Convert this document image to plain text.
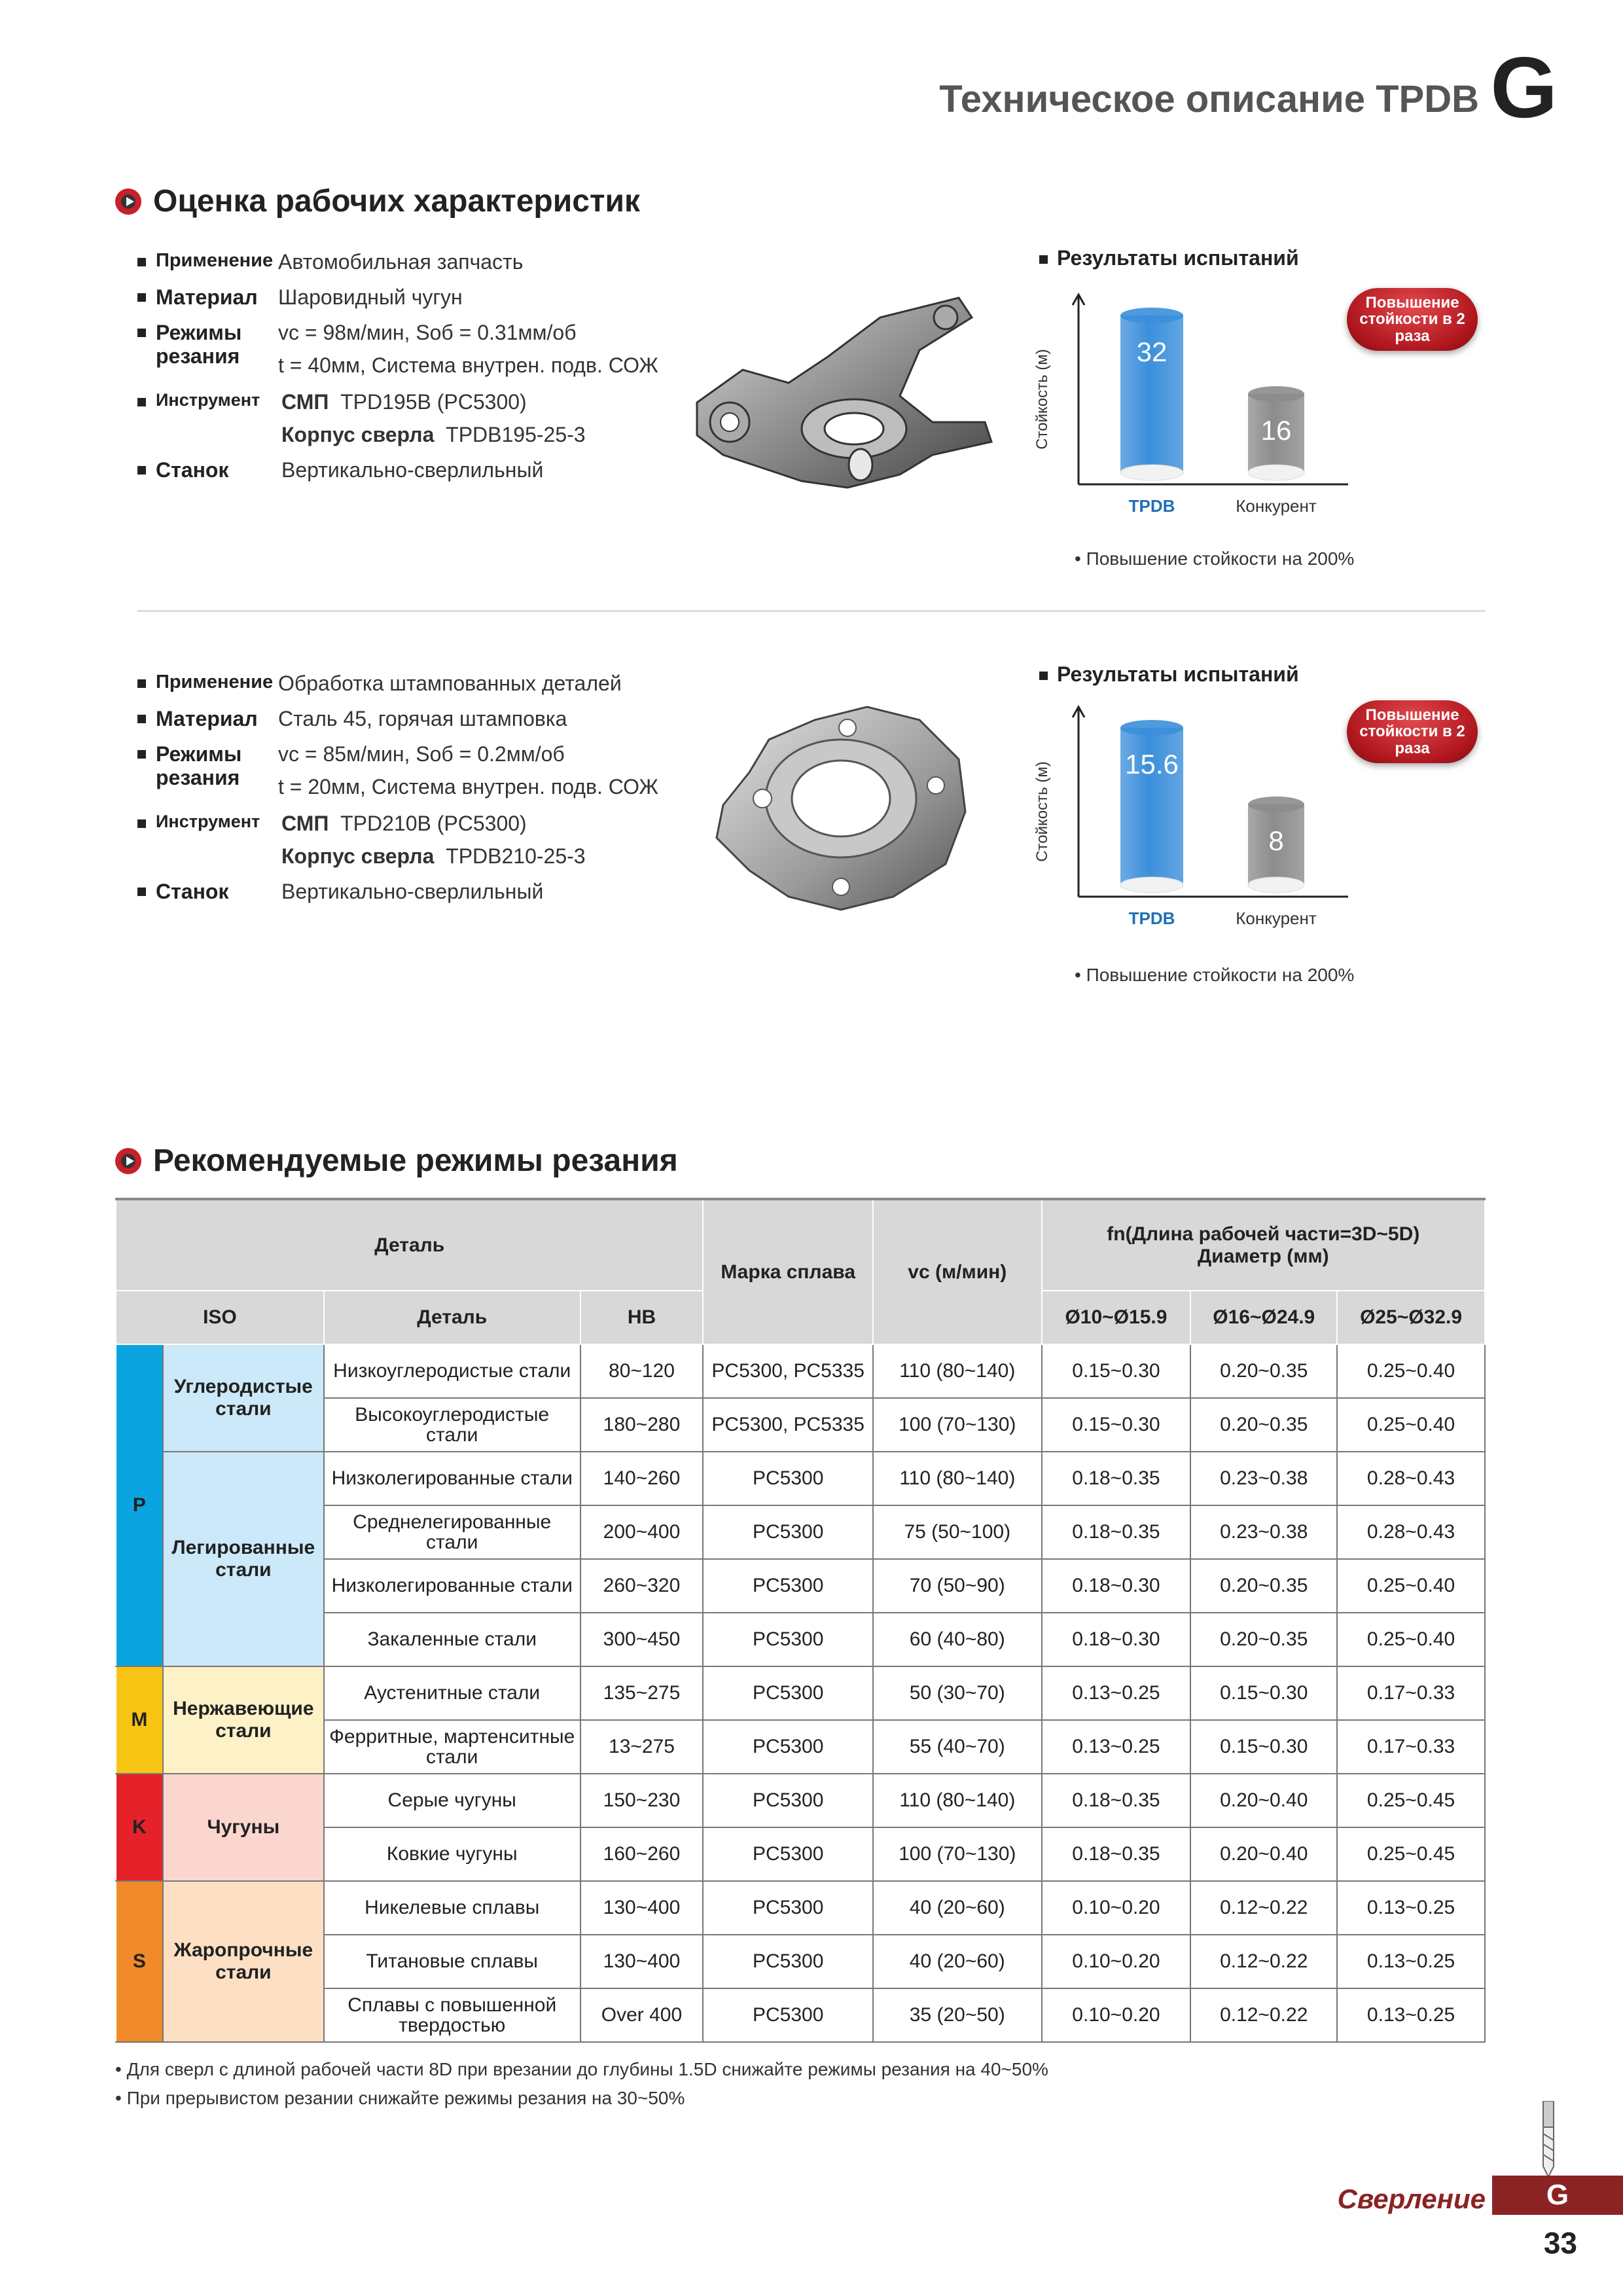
Техническое описание TPDB G
Оценка рабочих характеристик
Применение Автомобильная запчасть
Материал Шаровидный чугун
Режимы резания
vc = 98м/мин, Sоб = 0.31мм/об
t = 40мм, Система внутрен. подв. СОЖ
Инструмент СМП TPD195B (PC5300)
Корпус сверла TPDB195-25-3
Станок	Вертикально-сверлильный
Результаты испытаний
Повышение стойкости в 2 раза
Стойкость (м)	32
TPDB
16
Конкурент
• Повышение стойкости на 200%
Применение Обработка штампованных деталей
Материал Сталь 45, горячая штамповка
Режимы резания
vc = 85м/мин, Sоб = 0.2мм/об
t = 20мм, Система внутрен. подв. СОЖ
Инструмент СМП TPD210B (PC5300)
Корпус сверла TPDB210-25-3
Станок	Вертикально-сверлильный
Результаты испытаний
Повышение стойкости в 2 раза
Стойкость (м)	15.6
TPDB
8
Конкурент
• Повышение стойкости на 200%
Рекомендуемые режимы резания
Деталь				Марка сплава	vc (м/мин)	fn(Длина рабочей части=3D~5D) Диаметр (мм)		
ISO		Деталь	HB			Ø10~Ø15.9	Ø16~Ø24.9	Ø25~Ø32.9
P	Углеродистые стали	Низкоуглеродистые стали	80~120	PC5300, PC5335	110 (80~140)	0.15~0.30	0.20~0.35	0.25~0.40
		Высокоуглеродистые стали	180~280	PC5300, PC5335	100 (70~130)	0.15~0.30	0.20~0.35	0.25~0.40
	Легированные стали	Низколегированные стали	140~260	PC5300	110 (80~140)	0.18~0.35	0.23~0.38	0.28~0.43
		Среднелегированные стали	200~400	PC5300	75 (50~100)	0.18~0.35	0.23~0.38	0.28~0.43
		Низколегированные стали	260~320	PC5300	70 (50~90)	0.18~0.30	0.20~0.35	0.25~0.40
		Закаленные стали	300~450	PC5300	60 (40~80)	0.18~0.30	0.20~0.35	0.25~0.40
M	Нержавеющие стали	Аустенитные стали	135~275	PC5300	50 (30~70)	0.13~0.25	0.15~0.30	0.17~0.33
		Ферритные, мартенситные стали	13~275	PC5300	55 (40~70)	0.13~0.25	0.15~0.30	0.17~0.33
K	Чугуны	Серые чугуны	150~230	PC5300	110 (80~140)	0.18~0.35	0.20~0.40	0.25~0.45
		Ковкие чугуны	160~260	PC5300	100 (70~130)	0.18~0.35	0.20~0.40	0.25~0.45
S	Жаропрочные стали	Никелевые сплавы	130~400	PC5300	40 (20~60)	0.10~0.20	0.12~0.22	0.13~0.25
		Титановые сплавы	130~400	PC5300	40 (20~60)	0.10~0.20	0.12~0.22	0.13~0.25
		Сплавы с повышенной твердостью	Over 400	PC5300	35 (20~50)	0.10~0.20	0.12~0.22	0.13~0.25
• Для сверл с длиной рабочей части 8D при врезании до глубины 1.5D снижайте режимы резания на 40~50%
• При прерывистом резании снижайте режимы резания на 30~50%
Сверление	G
33
